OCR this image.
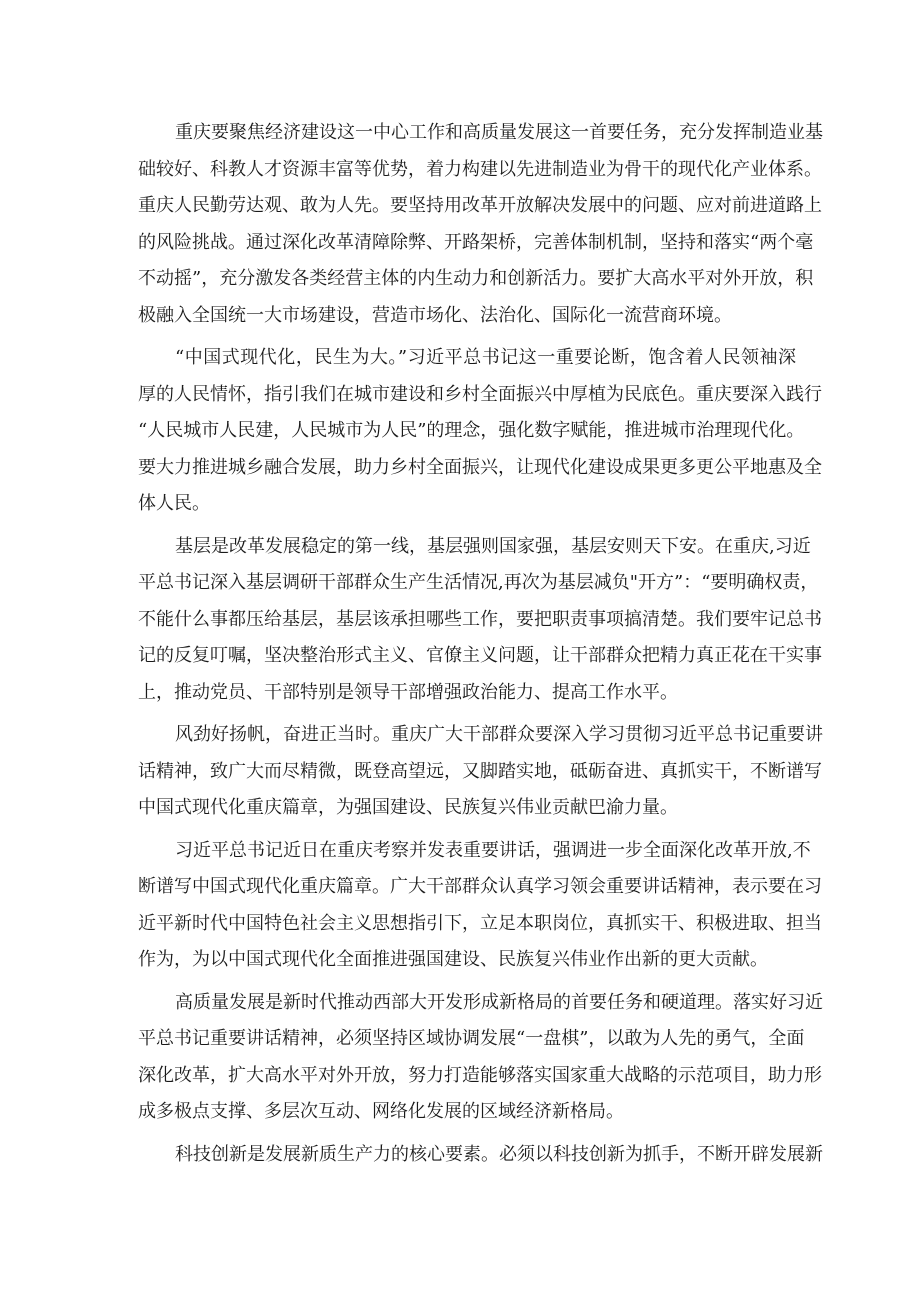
重庆要聚焦经济建设这一中心工作和高质量发展这一首要任务，充分发挥制造业基
础较好、科教人才资源丰富等优势，着力构建以先进制造业为骨干的现代化产业体系。
重庆人民勤劳达观、敢为人先。要坚持用改革开放解决发展中的问题、应对前进道路上
的风险挑战。通过深化改革清障除弊、开路架桥，完善体制机制，坚持和落实“两个毫
不动摇”，充分激发各类经营主体的内生动力和创新活力。要扩大高水平对外开放，积
极融入全国统一大市场建设，营造市场化、法治化、国际化一流营商环境。
“中国式现代化，民生为大。”习近平总书记这一重要论断，饱含着人民领袖深
厚的人民情怀，指引我们在城市建设和乡村全面振兴中厚植为民底色。重庆要深入践行
“人民城市人民建，人民城市为人民”的理念，强化数字赋能，推进城市治理现代化。
要大力推进城乡融合发展，助力乡村全面振兴，让现代化建设成果更多更公平地惠及全
体人民。
基层是改革发展稳定的第一线，基层强则国家强，基层安则天下安。在重庆,习近
平总书记深入基层调研干部群众生产生活情况,再次为基层减负"开方”：“要明确权责，
不能什么事都压给基层，基层该承担哪些工作，要把职责事项搞清楚。我们要牢记总书
记的反复叮嘱，坚决整治形式主义、官僚主义问题，让干部群众把精力真正花在干实事
上，推动党员、干部特别是领导干部增强政治能力、提高工作水平。
风劲好扬帆，奋进正当时。重庆广大干部群众要深入学习贯彻习近平总书记重要讲
话精神，致广大而尽精微，既登高望远，又脚踏实地，砥砺奋进、真抓实干，不断谱写
中国式现代化重庆篇章，为强国建设、民族复兴伟业贡献巴渝力量。
习近平总书记近日在重庆考察并发表重要讲话，强调进一步全面深化改革开放,不
断谱写中国式现代化重庆篇章。广大干部群众认真学习领会重要讲话精神，表示要在习
近平新时代中国特色社会主义思想指引下，立足本职岗位，真抓实干、积极进取、担当
作为，为以中国式现代化全面推进强国建设、民族复兴伟业作出新的更大贡献。
高质量发展是新时代推动西部大开发形成新格局的首要任务和硬道理。落实好习近
平总书记重要讲话精神，必须坚持区域协调发展“一盘棋”，以敢为人先的勇气，全面
深化改革，扩大高水平对外开放，努力打造能够落实国家重大战略的示范项目，助力形
成多极点支撑、多层次互动、网络化发展的区域经济新格局。
科技创新是发展新质生产力的核心要素。必须以科技创新为抓手，不断开辟发展新
